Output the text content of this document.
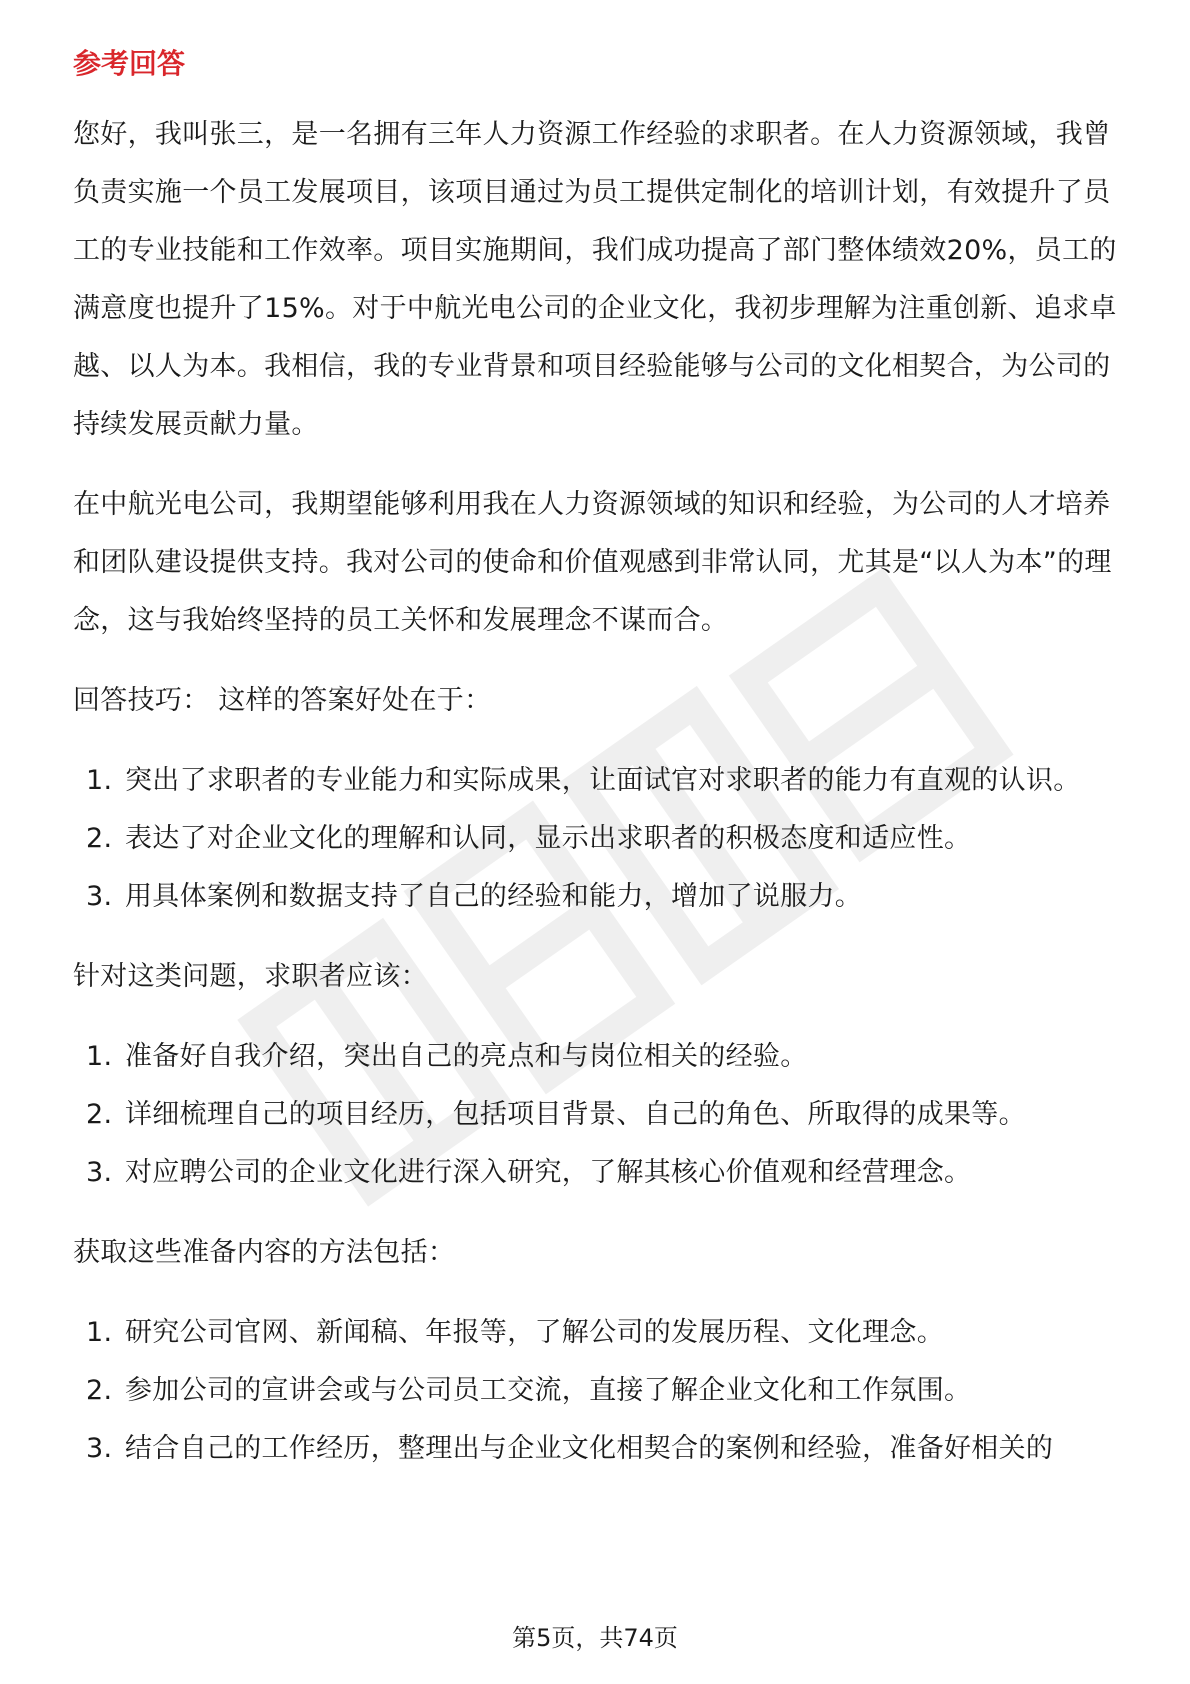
参考回答

您好，我叫张三，是一名拥有三年人力资源工作经验的求职者。在人力资源领域，我曾负责实施一个员工发展项目，该项目通过为员工提供定制化的培训计划，有效提升了员工的专业技能和工作效率。项目实施期间，我们成功提高了部门整体绩效20%，员工的满意度也提升了15%。对于中航光电公司的企业文化，我初步理解为注重创新、追求卓越、以人为本。我相信，我的专业背景和项目经验能够与公司的文化相契合，为公司的持续发展贡献力量。

在中航光电公司，我期望能够利用我在人力资源领域的知识和经验，为公司的人才培养和团队建设提供支持。我对公司的使命和价值观感到非常认同，尤其是“以人为本”的理念，这与我始终坚持的员工关怀和发展理念不谋而合。

回答技巧： 这样的答案好处在于：

1. 突出了求职者的专业能力和实际成果，让面试官对求职者的能力有直观的认识。
2. 表达了对企业文化的理解和认同，显示出求职者的积极态度和适应性。
3. 用具体案例和数据支持了自己的经验和能力，增加了说服力。

针对这类问题，求职者应该：

1. 准备好自我介绍，突出自己的亮点和与岗位相关的经验。
2. 详细梳理自己的项目经历，包括项目背景、自己的角色、所取得的成果等。
3. 对应聘公司的企业文化进行深入研究，了解其核心价值观和经营理念。

获取这些准备内容的方法包括：

1. 研究公司官网、新闻稿、年报等，了解公司的发展历程、文化理念。
2. 参加公司的宣讲会或与公司员工交流，直接了解企业文化和工作氛围。
3. 结合自己的工作经历，整理出与企业文化相契合的案例和经验，准备好相关的
第5页，共74页
